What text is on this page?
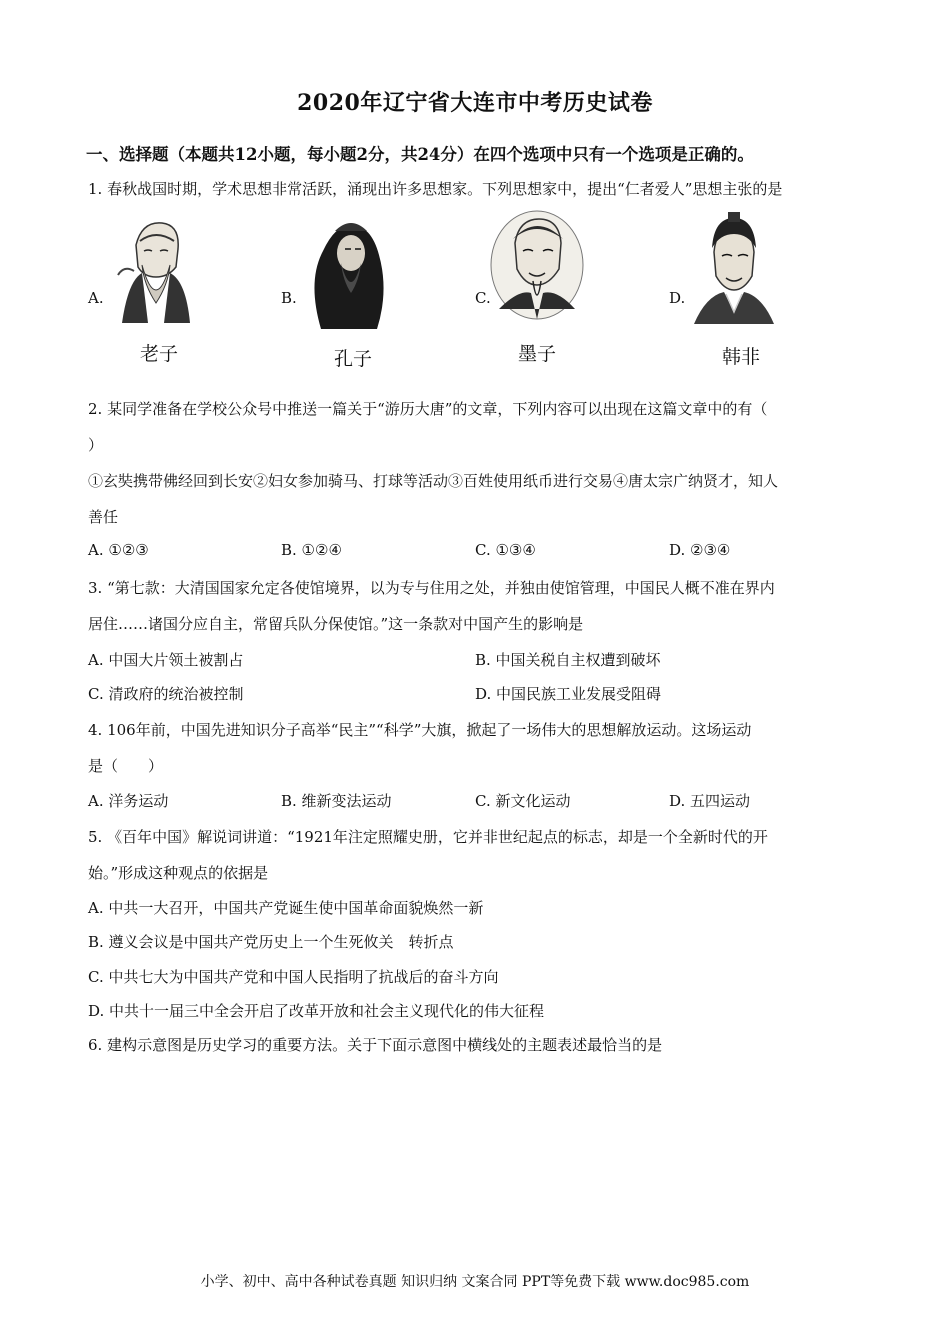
2020年辽宁省大连市中考历史试卷
一、选择题（本题共12小题，每小题2分，共24分）在四个选项中只有一个选项是正确的。
1. 春秋战国时期，学术思想非常活跃，涌现出许多思想家。下列思想家中，提出“仁者爱人”思想主张的是
A.
老子
B.
孔子
C.
墨子
D.
韩非
2. 某同学准备在学校公众号中推送一篇关于“游历大唐”的文章，下列内容可以出现在这篇文章中的有（
）
①玄奘携带佛经回到长安②妇女参加骑马、打球等活动③百姓使用纸币进行交易④唐太宗广纳贤才，知人
善任
A. ①②③	B. ①②④	C. ①③④	D. ②③④
3. “第七款：大清国国家允定各使馆境界，以为专与住用之处，并独由使馆管理，中国民人概不准在界内
居住……诸国分应自主，常留兵队分保使馆。”这一条款对中国产生的影响是
A. 中国大片领土被割占	B. 中国关税自主权遭到破坏
C. 清政府的统治被控制	D. 中国民族工业发展受阻碍
4. 106年前，中国先进知识分子高举“民主”“科学”大旗，掀起了一场伟大的思想解放运动。这场运动
是（　　）
A. 洋务运动	B. 维新变法运动	C. 新文化运动	D. 五四运动
5. 《百年中国》解说词讲道：“1921年注定照耀史册，它并非世纪起点的标志，却是一个全新时代的开
始。”形成这种观点的依据是
A. 中共一大召开，中国共产党诞生使中国革命面貌焕然一新
B. 遵义会议是中国共产党历史上一个生死攸关　转折点
C. 中共七大为中国共产党和中国人民指明了抗战后的奋斗方向
D. 中共十一届三中全会开启了改革开放和社会主义现代化的伟大征程
6. 建构示意图是历史学习的重要方法。关于下面示意图中横线处的主题表述最恰当的是
小学、初中、高中各种试卷真题 知识归纳 文案合同 PPT等免费下载 www.doc985.com
